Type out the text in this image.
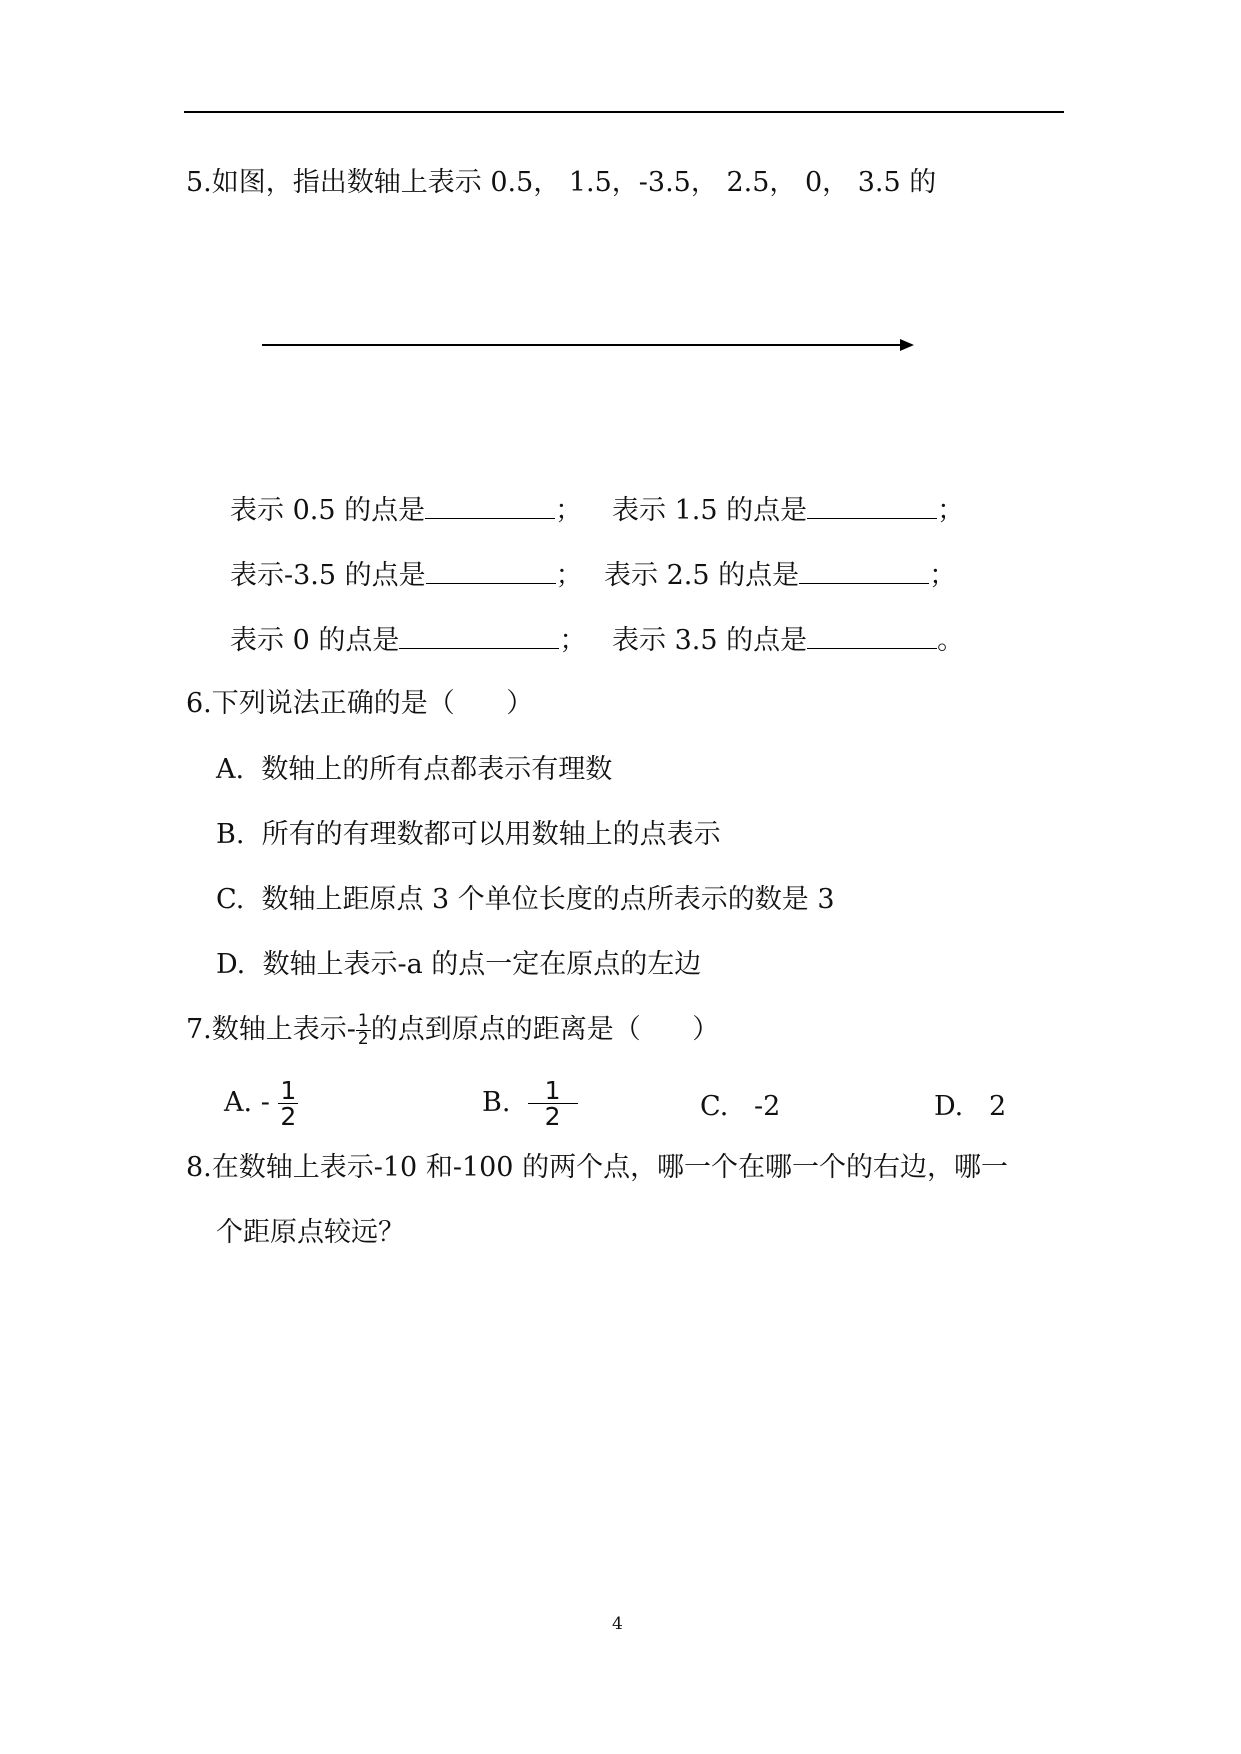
5.如图，指出数轴上表示 0.5， 1.5，-3.5， 2.5， 0， 3.5 的
表示 0.5 的点是	； 表示 1.5 的点是	；
表示-3.5 的点是	； 表示 2.5 的点是	；
表示 0 的点是	； 表示 3.5 的点是	。
6.下列说法正确的是（      ）
A. 数轴上的所有点都表示有理数
B. 所有的有理数都可以用数轴上的点表示
C. 数轴上距原点 3 个单位长度的点所表示的数是 3
D. 数轴上表示-a 的点一定在原点的左边
7.数轴上表示- $\frac{1}{2}$ 的点到原点的距离是（      ）
A. - $\frac{1}{2}$	B. $\frac{1}{2}$	C. -2	D. 2
8.在数轴上表示-10 和-100 的两个点，哪一个在哪一个的右边，哪一
个距原点较远？
4
